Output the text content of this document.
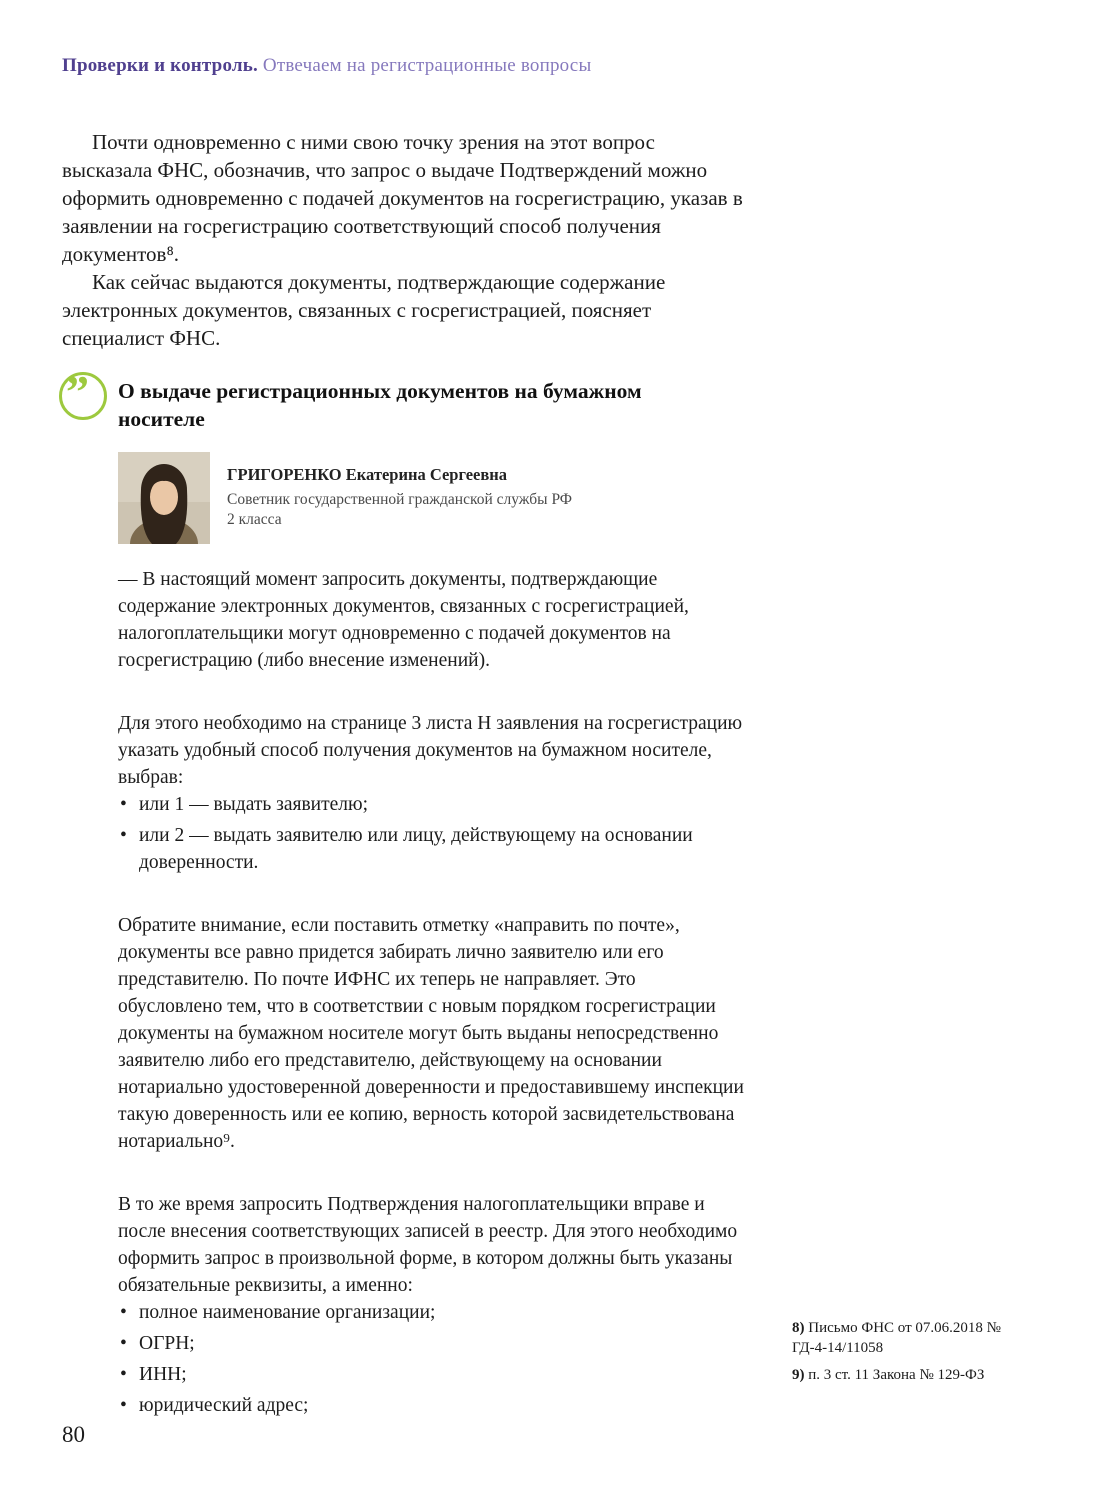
Проверки и контроль. Отвечаем на регистрационные вопросы

Почти одновременно с ними свою точку зрения на этот вопрос высказала ФНС, обозначив, что запрос о выдаче Подтверждений можно оформить одновременно с подачей документов на госрегистрацию, указав в заявлении на госрегистрацию соответствующий способ получения документов⁸.

Как сейчас выдаются документы, подтверждающие содержание электронных документов, связанных с госрегистрацией, поясняет специалист ФНС.

” О выдаче регистрационных документов на бумажном носителе
ГРИГОРЕНКО Екатерина Сергеевна
Советник государственной гражданской службы РФ
2 класса

— В настоящий момент запросить документы, подтверждающие содержание электронных документов, связанных с госрегистрацией, налогоплательщики могут одновременно с подачей документов на госрегистрацию (либо внесение изменений).

Для этого необходимо на странице 3 листа Н заявления на госрегистрацию указать удобный способ получения документов на бумажном носителе, выбрав:

• или 1 — выдать заявителю;
• или 2 — выдать заявителю или лицу, действующему на основании доверенности.

Обратите внимание, если поставить отметку «направить по почте», документы все равно придется забирать лично заявителю или его представителю. По почте ИФНС их теперь не направляет. Это обусловлено тем, что в соответствии с новым порядком госрегистрации документы на бумажном носителе могут быть выданы непосредственно заявителю либо его представителю, действующему на основании нотариально удостоверенной доверенности и предоставившему инспекции такую доверенность или ее копию, верность которой засвидетельствована нотариально⁹.

В то же время запросить Подтверждения налогоплательщики вправе и после внесения соответствующих записей в реестр. Для этого необходимо оформить запрос в произвольной форме, в котором должны быть указаны обязательные реквизиты, а именно:

• полное наименование организации;
• ОГРН;
• ИНН;
• юридический адрес;

8) Письмо ФНС от 07.06.2018 № ГД-4-14/11058

9) п. 3 ст. 11 Закона № 129-ФЗ

80
